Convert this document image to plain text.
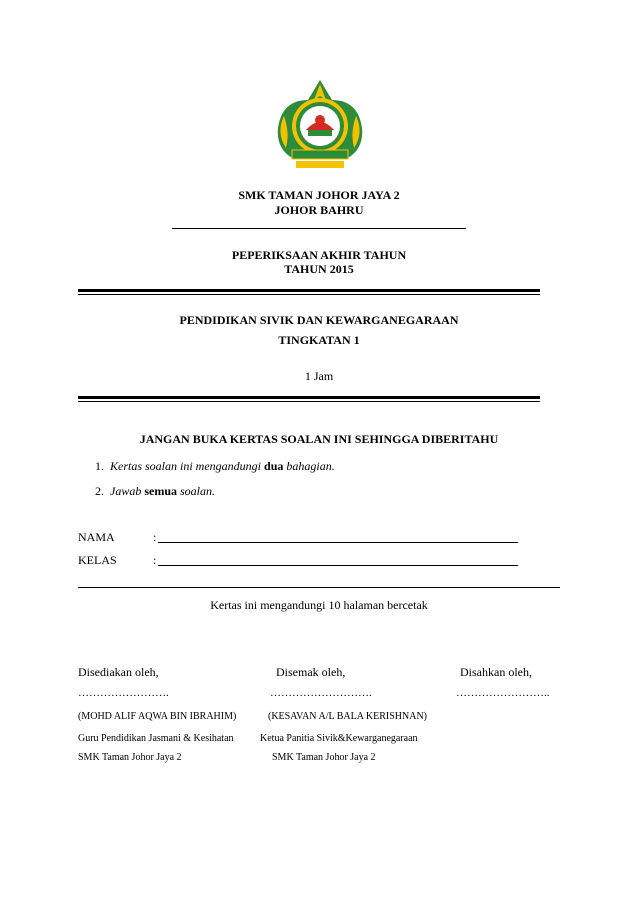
SMK TAMAN JOHOR JAYA 2
JOHOR BAHRU
PEPERIKSAAN AKHIR TAHUN
TAHUN 2015
PENDIDIKAN SIVIK DAN KEWARGANEGARAAN
TINGKATAN 1
1 Jam
JANGAN BUKA KERTAS SOALAN INI SEHINGGA DIBERITAHU
1. Kertas soalan ini mengandungi dua bahagian.
2. Jawab semua soalan.
NAMA	:
KELAS	:
Kertas ini mengandungi 10 halaman bercetak
Disediakan oleh,	Disemak oleh,	Disahkan oleh,
…………………….	……………………….	……………………..
(MOHD ALIF AQWA BIN IBRAHIM)	(KESAVAN A/L BALA KERISHNAN)
Guru Pendidikan Jasmani & Kesihatan	Ketua Panitia Sivik&Kewarganegaraan
SMK Taman Johor Jaya 2	SMK Taman Johor Jaya 2
